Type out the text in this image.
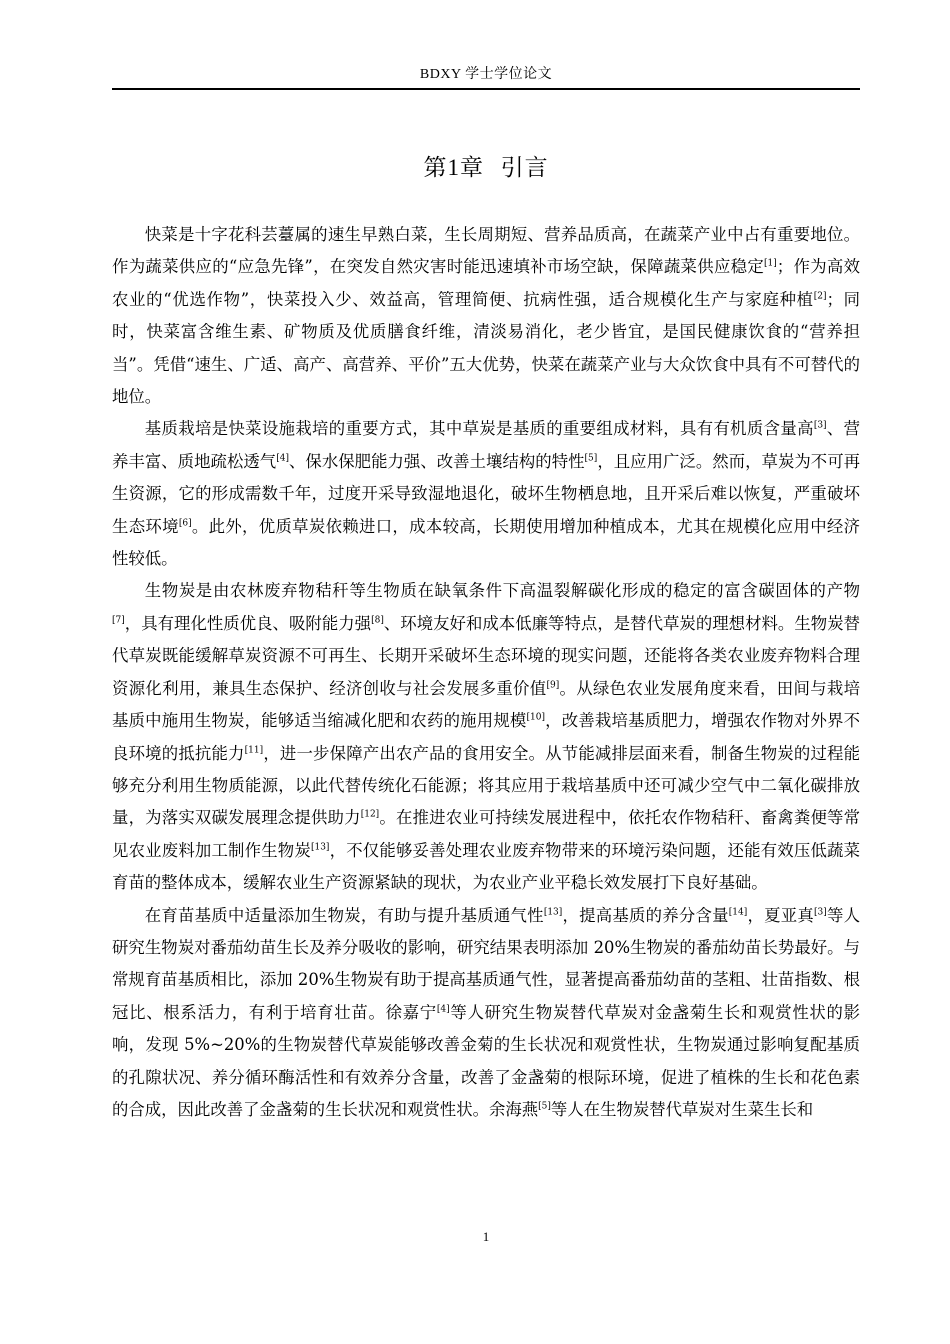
BDXY 学士学位论文
第1章 引言

快菜是十字花科芸薹属的速生早熟白菜，生长周期短、营养品质高，在蔬菜产业中占有重要地位。作为蔬菜供应的“应急先锋”，在突发自然灾害时能迅速填补市场空缺，保障蔬菜供应稳定[1]；作为高效农业的“优选作物”，快菜投入少、效益高，管理简便、抗病性强，适合规模化生产与家庭种植[2]；同时，快菜富含维生素、矿物质及优质膳食纤维，清淡易消化，老少皆宜，是国民健康饮食的“营养担当”。凭借“速生、广适、高产、高营养、平价”五大优势，快菜在蔬菜产业与大众饮食中具有不可替代的地位。

基质栽培是快菜设施栽培的重要方式，其中草炭是基质的重要组成材料，具有有机质含量高[3]、营养丰富、质地疏松透气[4]、保水保肥能力强、改善土壤结构的特性[5]，且应用广泛。然而，草炭为不可再生资源，它的形成需数千年，过度开采导致湿地退化，破坏生物栖息地，且开采后难以恢复，严重破坏生态环境[6]。此外，优质草炭依赖进口，成本较高，长期使用增加种植成本，尤其在规模化应用中经济性较低。

生物炭是由农林废弃物秸秆等生物质在缺氧条件下高温裂解碳化形成的稳定的富含碳固体的产物[7]，具有理化性质优良、吸附能力强[8]、环境友好和成本低廉等特点，是替代草炭的理想材料。生物炭替代草炭既能缓解草炭资源不可再生、长期开采破坏生态环境的现实问题，还能将各类农业废弃物料合理资源化利用，兼具生态保护、经济创收与社会发展多重价值[9]。从绿色农业发展角度来看，田间与栽培基质中施用生物炭，能够适当缩减化肥和农药的施用规模[10]，改善栽培基质肥力，增强农作物对外界不良环境的抵抗能力[11]，进一步保障产出农产品的食用安全。从节能减排层面来看，制备生物炭的过程能够充分利用生物质能源，以此代替传统化石能源；将其应用于栽培基质中还可减少空气中二氧化碳排放量，为落实双碳发展理念提供助力[12]。在推进农业可持续发展进程中，依托农作物秸秆、畜禽粪便等常见农业废料加工制作生物炭[13]，不仅能够妥善处理农业废弃物带来的环境污染问题，还能有效压低蔬菜育苗的整体成本，缓解农业生产资源紧缺的现状，为农业产业平稳长效发展打下良好基础。

在育苗基质中适量添加生物炭，有助与提升基质通气性[13]，提高基质的养分含量[14]，夏亚真[3]等人研究生物炭对番茄幼苗生长及养分吸收的影响，研究结果表明添加 20%生物炭的番茄幼苗长势最好。与常规育苗基质相比，添加 20%生物炭有助于提高基质通气性，显著提高番茄幼苗的茎粗、壮苗指数、根冠比、根系活力，有利于培育壮苗。徐嘉宁[4]等人研究生物炭替代草炭对金盏菊生长和观赏性状的影响，发现 5%~20%的生物炭替代草炭能够改善金菊的生长状况和观赏性状，生物炭通过影响复配基质的孔隙状况、养分循环酶活性和有效养分含量，改善了金盏菊的根际环境，促进了植株的生长和花色素的合成，因此改善了金盏菊的生长状况和观赏性状。余海燕[5]等人在生物炭替代草炭对生菜生长和

1
